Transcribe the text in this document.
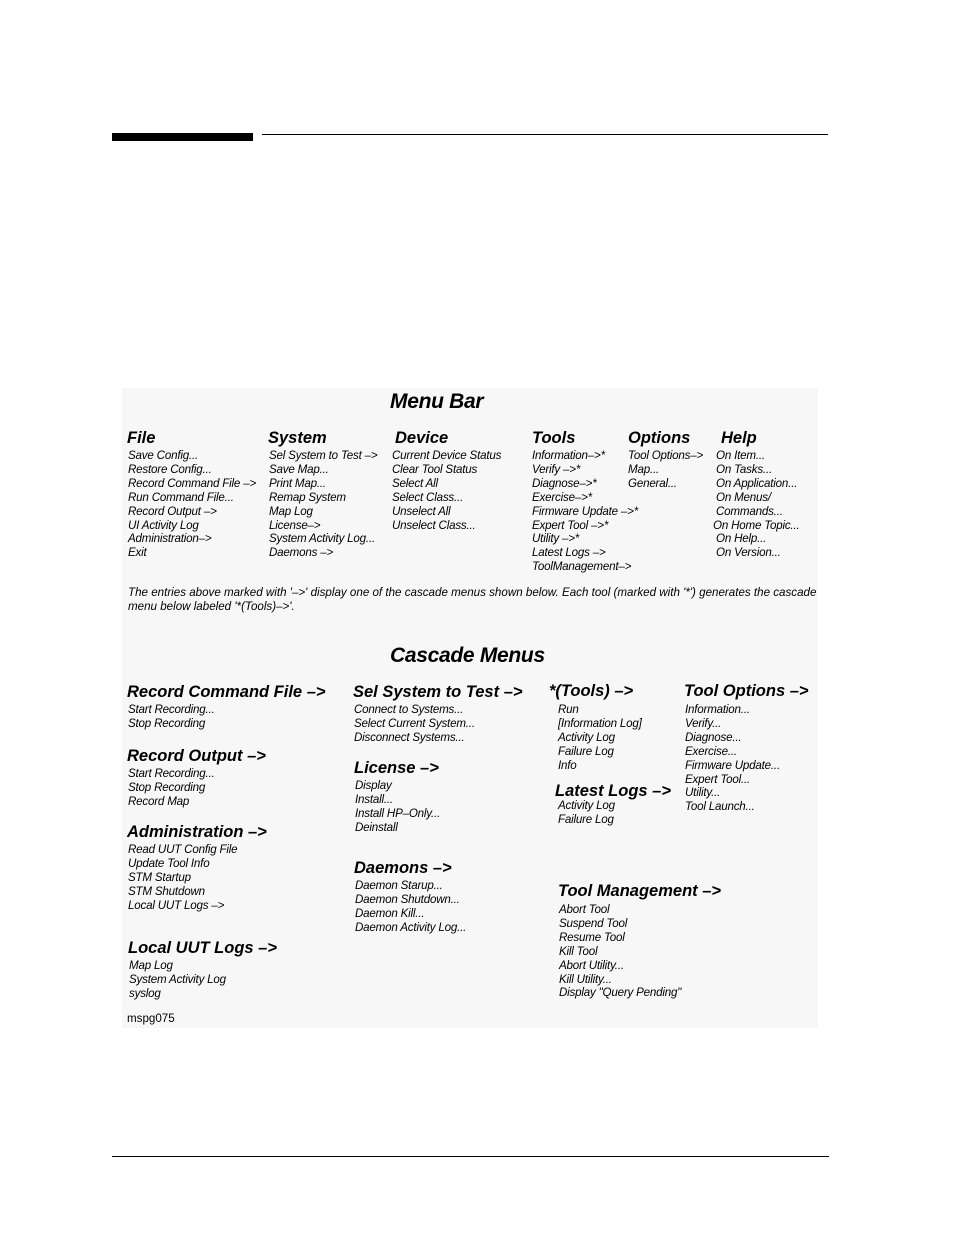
Menu Bar
File
Save Config...
Restore Config...
Record Command File –>
Run Command File...
Record Output –>
UI Activity Log
Administration–>
Exit
System
Sel System to Test –>
Save Map...
Print Map...
Remap System
Map Log
License–>
System Activity Log...
Daemons –>
Device
Current Device Status
Clear Tool Status
Select All
Select Class...
Unselect All
Unselect Class...
Tools
Information–>*
Verify –>*
Diagnose–>*
Exercise–>*
Firmware Update –>*
Expert Tool –>*
Utility –>*
Latest Logs –>
ToolManagement–>
Options
Tool Options–>
Map...
General...
Help
On Item...
On Tasks...
On Application...
On Menus/
Commands...
On Home Topic...
On Help...
On Version...

The entries above marked with '–>' display one of the cascade menus shown below. Each tool (marked with '*') generates the cascade menu below labeled '*(Tools)–>'.

Cascade Menus
Record Command File –>
Start Recording...
Stop Recording
Record Output –>
Start Recording...
Stop Recording
Record Map
Administration –>
Read UUT Config File
Update Tool Info
STM Startup
STM Shutdown
Local UUT Logs –>
Local UUT Logs –>
Map Log
System Activity Log
syslog
Sel System to Test –>
Connect to Systems...
Select Current System...
Disconnect Systems...
License –>
Display
Install...
Install HP–Only...
Deinstall
Daemons –>
Daemon Starup...
Daemon Shutdown...
Daemon Kill...
Daemon Activity Log...
*(Tools) –>
Run
[Information Log]
Activity Log
Failure Log
Info
Latest Logs –>
Activity Log
Failure Log
Tool Management –>
Abort Tool
Suspend Tool
Resume Tool
Kill Tool
Abort Utility...
Kill Utility...
Display "Query Pending"
Tool Options –>
Information...
Verify...
Diagnose...
Exercise...
Firmware Update...
Expert Tool...
Utility...
Tool Launch...
mspg075
